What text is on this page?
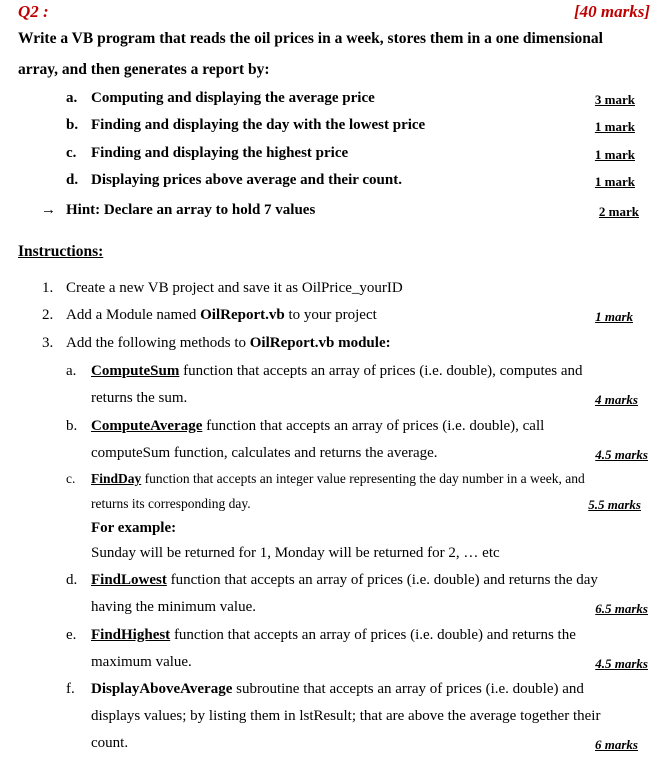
Q2 :	[40 marks]
Write a VB program that reads the oil prices in a week, stores them in a one dimensional
array, and then generates a report by:
a. Computing and displaying the average price	3 mark
b. Finding and displaying the day with the lowest price	1 mark
c. Finding and displaying the highest price	1 mark
d. Displaying prices above average and their count.	1 mark
→ Hint: Declare an array to hold 7 values	2 mark
Instructions:
1. Create a new VB project and save it as OilPrice_yourID
2. Add a Module named OilReport.vb to your project	1 mark
3. Add the following methods to OilReport.vb module:
a. ComputeSum function that accepts an array of prices (i.e. double), computes and
returns the sum.	4 marks
b. ComputeAverage function that accepts an array of prices (i.e. double), call
computeSum function, calculates and returns the average.	4.5 marks
c. FindDay function that accepts an integer value representing the day number in a week, and
returns its corresponding day.	5.5 marks
For example:
Sunday will be returned for 1, Monday will be returned for 2, … etc
d. FindLowest function that accepts an array of prices (i.e. double) and returns the day
having the minimum value.	6.5 marks
e. FindHighest function that accepts an array of prices (i.e. double) and returns the
maximum value.	4.5 marks
f. DisplayAboveAverage subroutine that accepts an array of prices (i.e. double) and
displays values; by listing them in lstResult; that are above the average together their
count.	6 marks
